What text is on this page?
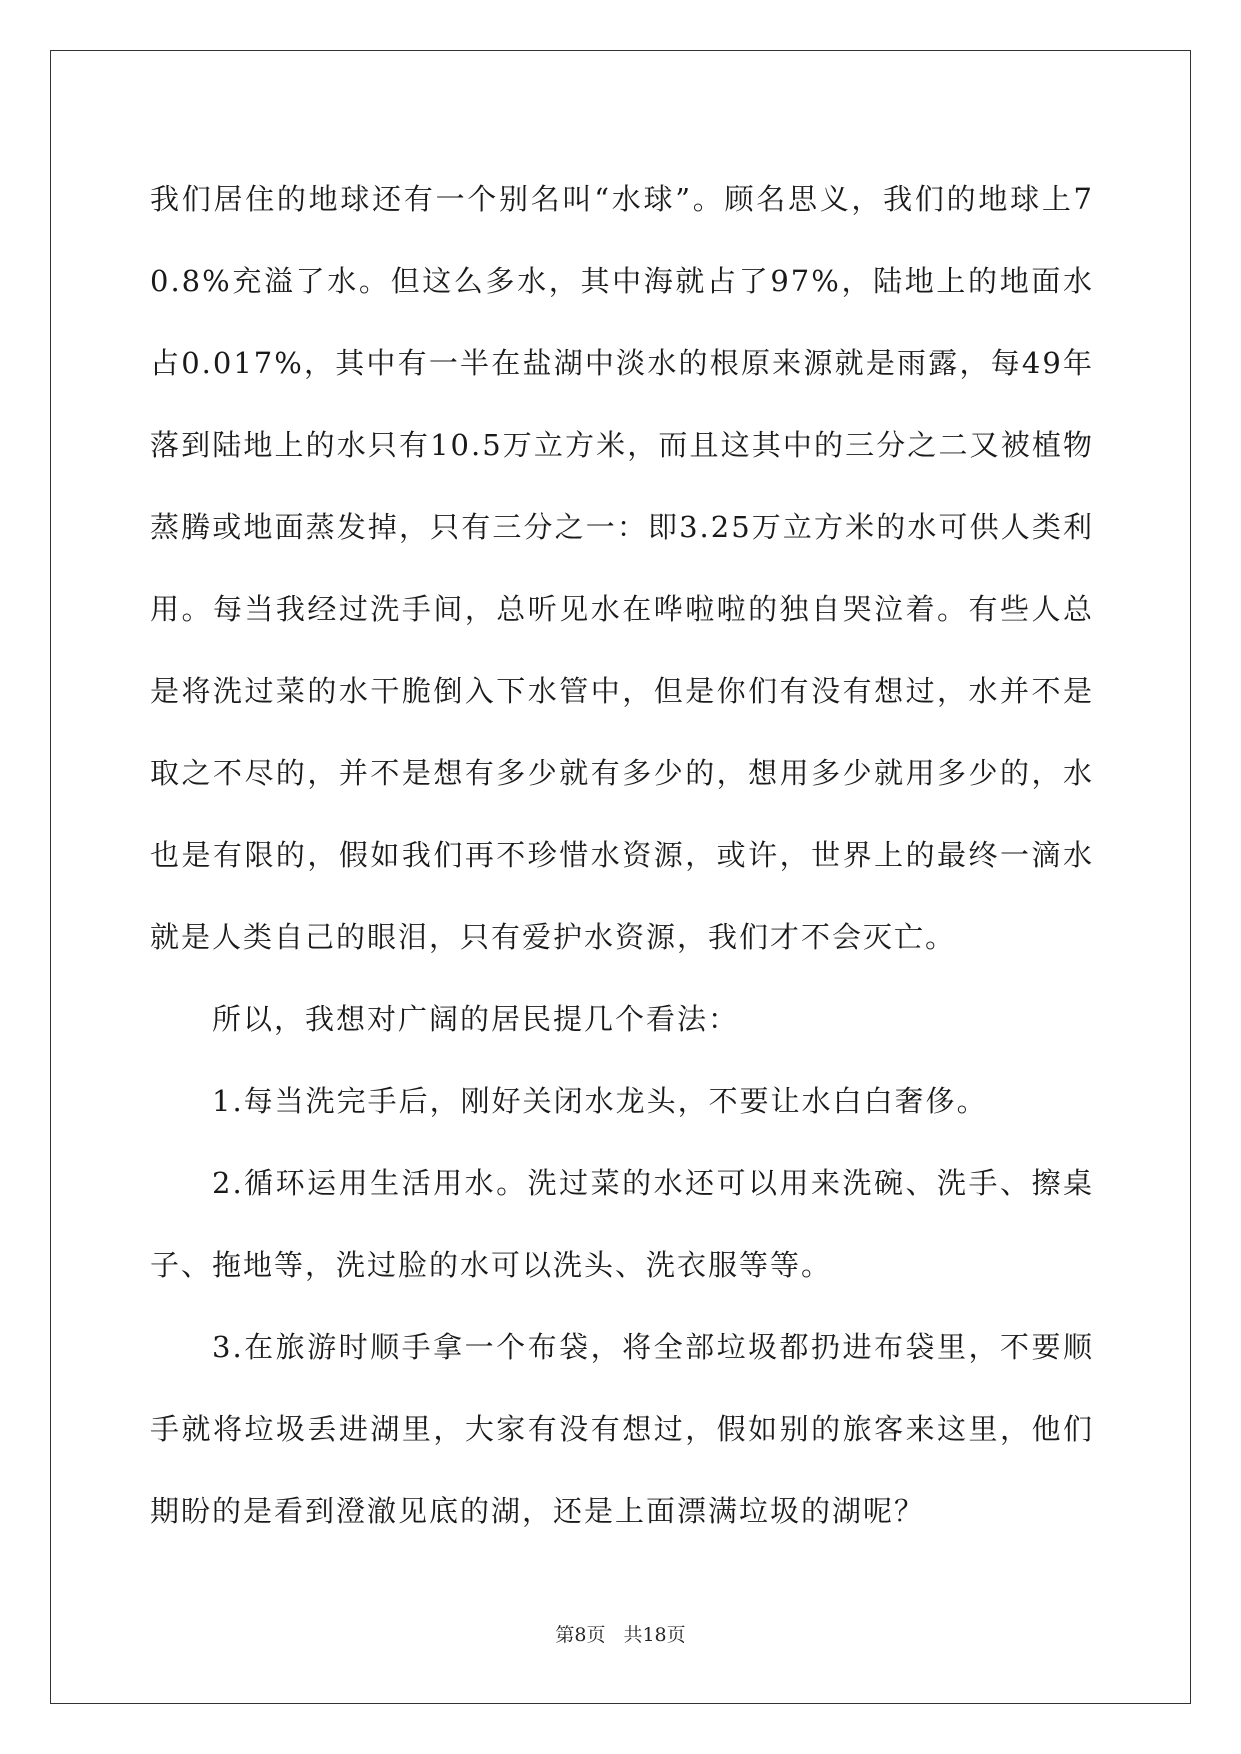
我们居住的地球还有一个别名叫“水球”。顾名思义，我们的地球上70.8%充溢了水。但这么多水，其中海就占了97%，陆地上的地面水占0.017%，其中有一半在盐湖中淡水的根原来源就是雨露，每49年落到陆地上的水只有10.5万立方米，而且这其中的三分之二又被植物蒸腾或地面蒸发掉，只有三分之一：即3.25万立方米的水可供人类利用。每当我经过洗手间，总听见水在哗啦啦的独自哭泣着。有些人总是将洗过菜的水干脆倒入下水管中，但是你们有没有想过，水并不是取之不尽的，并不是想有多少就有多少的，想用多少就用多少的，水也是有限的，假如我们再不珍惜水资源，或许，世界上的最终一滴水就是人类自己的眼泪，只有爱护水资源，我们才不会灭亡。

所以，我想对广阔的居民提几个看法：

1.每当洗完手后，刚好关闭水龙头，不要让水白白奢侈。

2.循环运用生活用水。洗过菜的水还可以用来洗碗、洗手、擦桌子、拖地等，洗过脸的水可以洗头、洗衣服等等。

3.在旅游时顺手拿一个布袋，将全部垃圾都扔进布袋里，不要顺手就将垃圾丢进湖里，大家有没有想过，假如别的旅客来这里，他们期盼的是看到澄澈见底的湖，还是上面漂满垃圾的湖呢？

第8页 共18页
